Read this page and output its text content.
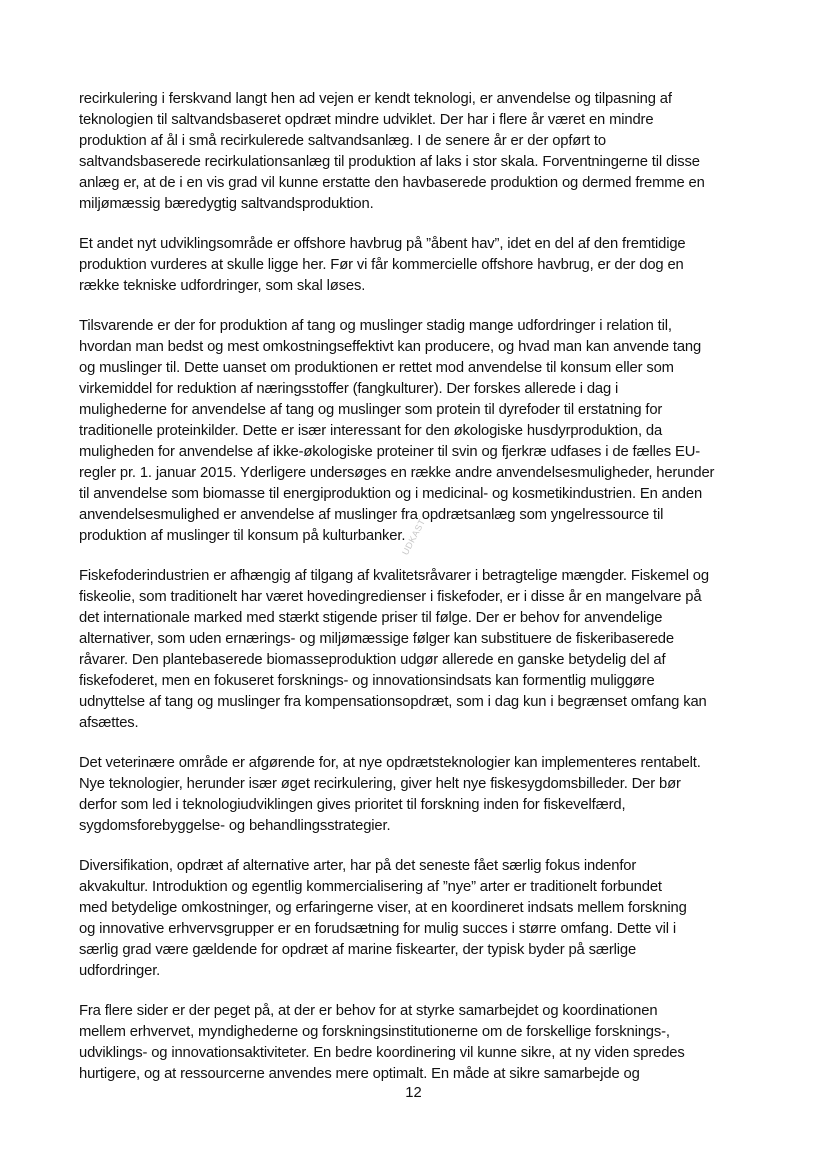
recirkulering i ferskvand langt hen ad vejen er kendt teknologi, er anvendelse og tilpasning af
teknologien til saltvandsbaseret opdræt mindre udviklet. Der har i flere år været en mindre
produktion af ål i små recirkulerede saltvandsanlæg. I de senere år er der opført to
saltvandsbaserede recirkulationsanlæg til produktion af laks i stor skala. Forventningerne til disse
anlæg er, at de i en vis grad vil kunne erstatte den havbaserede produktion og dermed fremme en
miljømæssig bæredygtig saltvandsproduktion.

Et andet nyt udviklingsområde er offshore havbrug på ”åbent hav”, idet en del af den fremtidige
produktion vurderes at skulle ligge her. Før vi får kommercielle offshore havbrug, er der dog en
række tekniske udfordringer, som skal løses.

Tilsvarende er der for produktion af tang og muslinger stadig mange udfordringer i relation til,
hvordan man bedst og mest omkostningseffektivt kan producere, og hvad man kan anvende tang
og muslinger til. Dette uanset om produktionen er rettet mod anvendelse til konsum eller som
virkemiddel for reduktion af næringsstoffer (fangkulturer). Der forskes allerede i dag i
mulighederne for anvendelse af tang og muslinger som protein til dyrefoder til erstatning for
traditionelle proteinkilder. Dette er især interessant for den økologiske husdyrproduktion, da
muligheden for anvendelse af ikke-økologiske proteiner til svin og fjerkræ udfases i de fælles EU-
regler pr. 1. januar 2015. Yderligere undersøges en række andre anvendelsesmuligheder, herunder
til anvendelse som biomasse til energiproduktion og i medicinal- og kosmetikindustrien. En anden
anvendelsesmulighed er anvendelse af muslinger fra opdrætsanlæg som yngelressource til
produktion af muslinger til konsum på kulturbanker.

Fiskefoderindustrien er afhængig af tilgang af kvalitetsråvarer i betragtelige mængder. Fiskemel og
fiskeolie, som traditionelt har været hovedingredienser i fiskefoder, er i disse år en mangelvare på
det internationale marked med stærkt stigende priser til følge. Der er behov for anvendelige
alternativer, som uden ernærings- og miljømæssige følger kan substituere de fiskeribaserede
råvarer. Den plantebaserede biomasseproduktion udgør allerede en ganske betydelig del af
fiskefoderet, men en fokuseret forsknings- og innovationsindsats kan formentlig muliggøre
udnyttelse af tang og muslinger fra kompensationsopdræt, som i dag kun i begrænset omfang kan
afsættes.

Det veterinære område er afgørende for, at nye opdrætsteknologier kan implementeres rentabelt.
Nye teknologier, herunder især øget recirkulering, giver helt nye fiskesygdomsbilleder. Der bør
derfor som led i teknologiudviklingen gives prioritet til forskning inden for fiskevelfærd,
sygdomsforebyggelse- og behandlingsstrategier.

Diversifikation, opdræt af alternative arter, har på det seneste fået særlig fokus indenfor
akvakultur. Introduktion og egentlig kommercialisering af ”nye” arter er traditionelt forbundet
med betydelige omkostninger, og erfaringerne viser, at en koordineret indsats mellem forskning
og innovative erhvervsgrupper er en forudsætning for mulig succes i større omfang. Dette vil i
særlig grad være gældende for opdræt af marine fiskearter, der typisk byder på særlige
udfordringer.

Fra flere sider er der peget på, at der er behov for at styrke samarbejdet og koordinationen
mellem erhvervet, myndighederne og forskningsinstitutionerne om de forskellige forsknings-,
udviklings- og innovationsaktiviteter. En bedre koordinering vil kunne sikre, at ny viden spredes
hurtigere, og at ressourcerne anvendes mere optimalt. En måde at sikre samarbejde og

UDKAST
12
